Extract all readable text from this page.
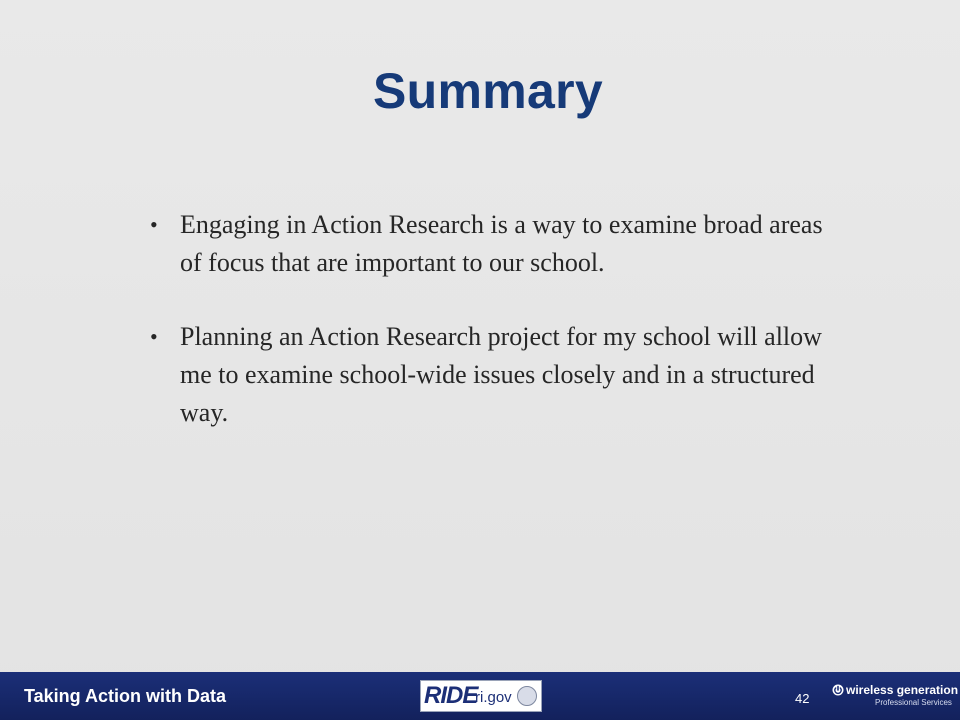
Summary
• Engaging in Action Research is a way to examine broad areas of focus that are important to our school.
• Planning an Action Research project for my school will allow me to examine school-wide issues closely and in a structured way.
Taking Action with Data	RIDE
ri.gov	42
wireless generation
Professional Services
